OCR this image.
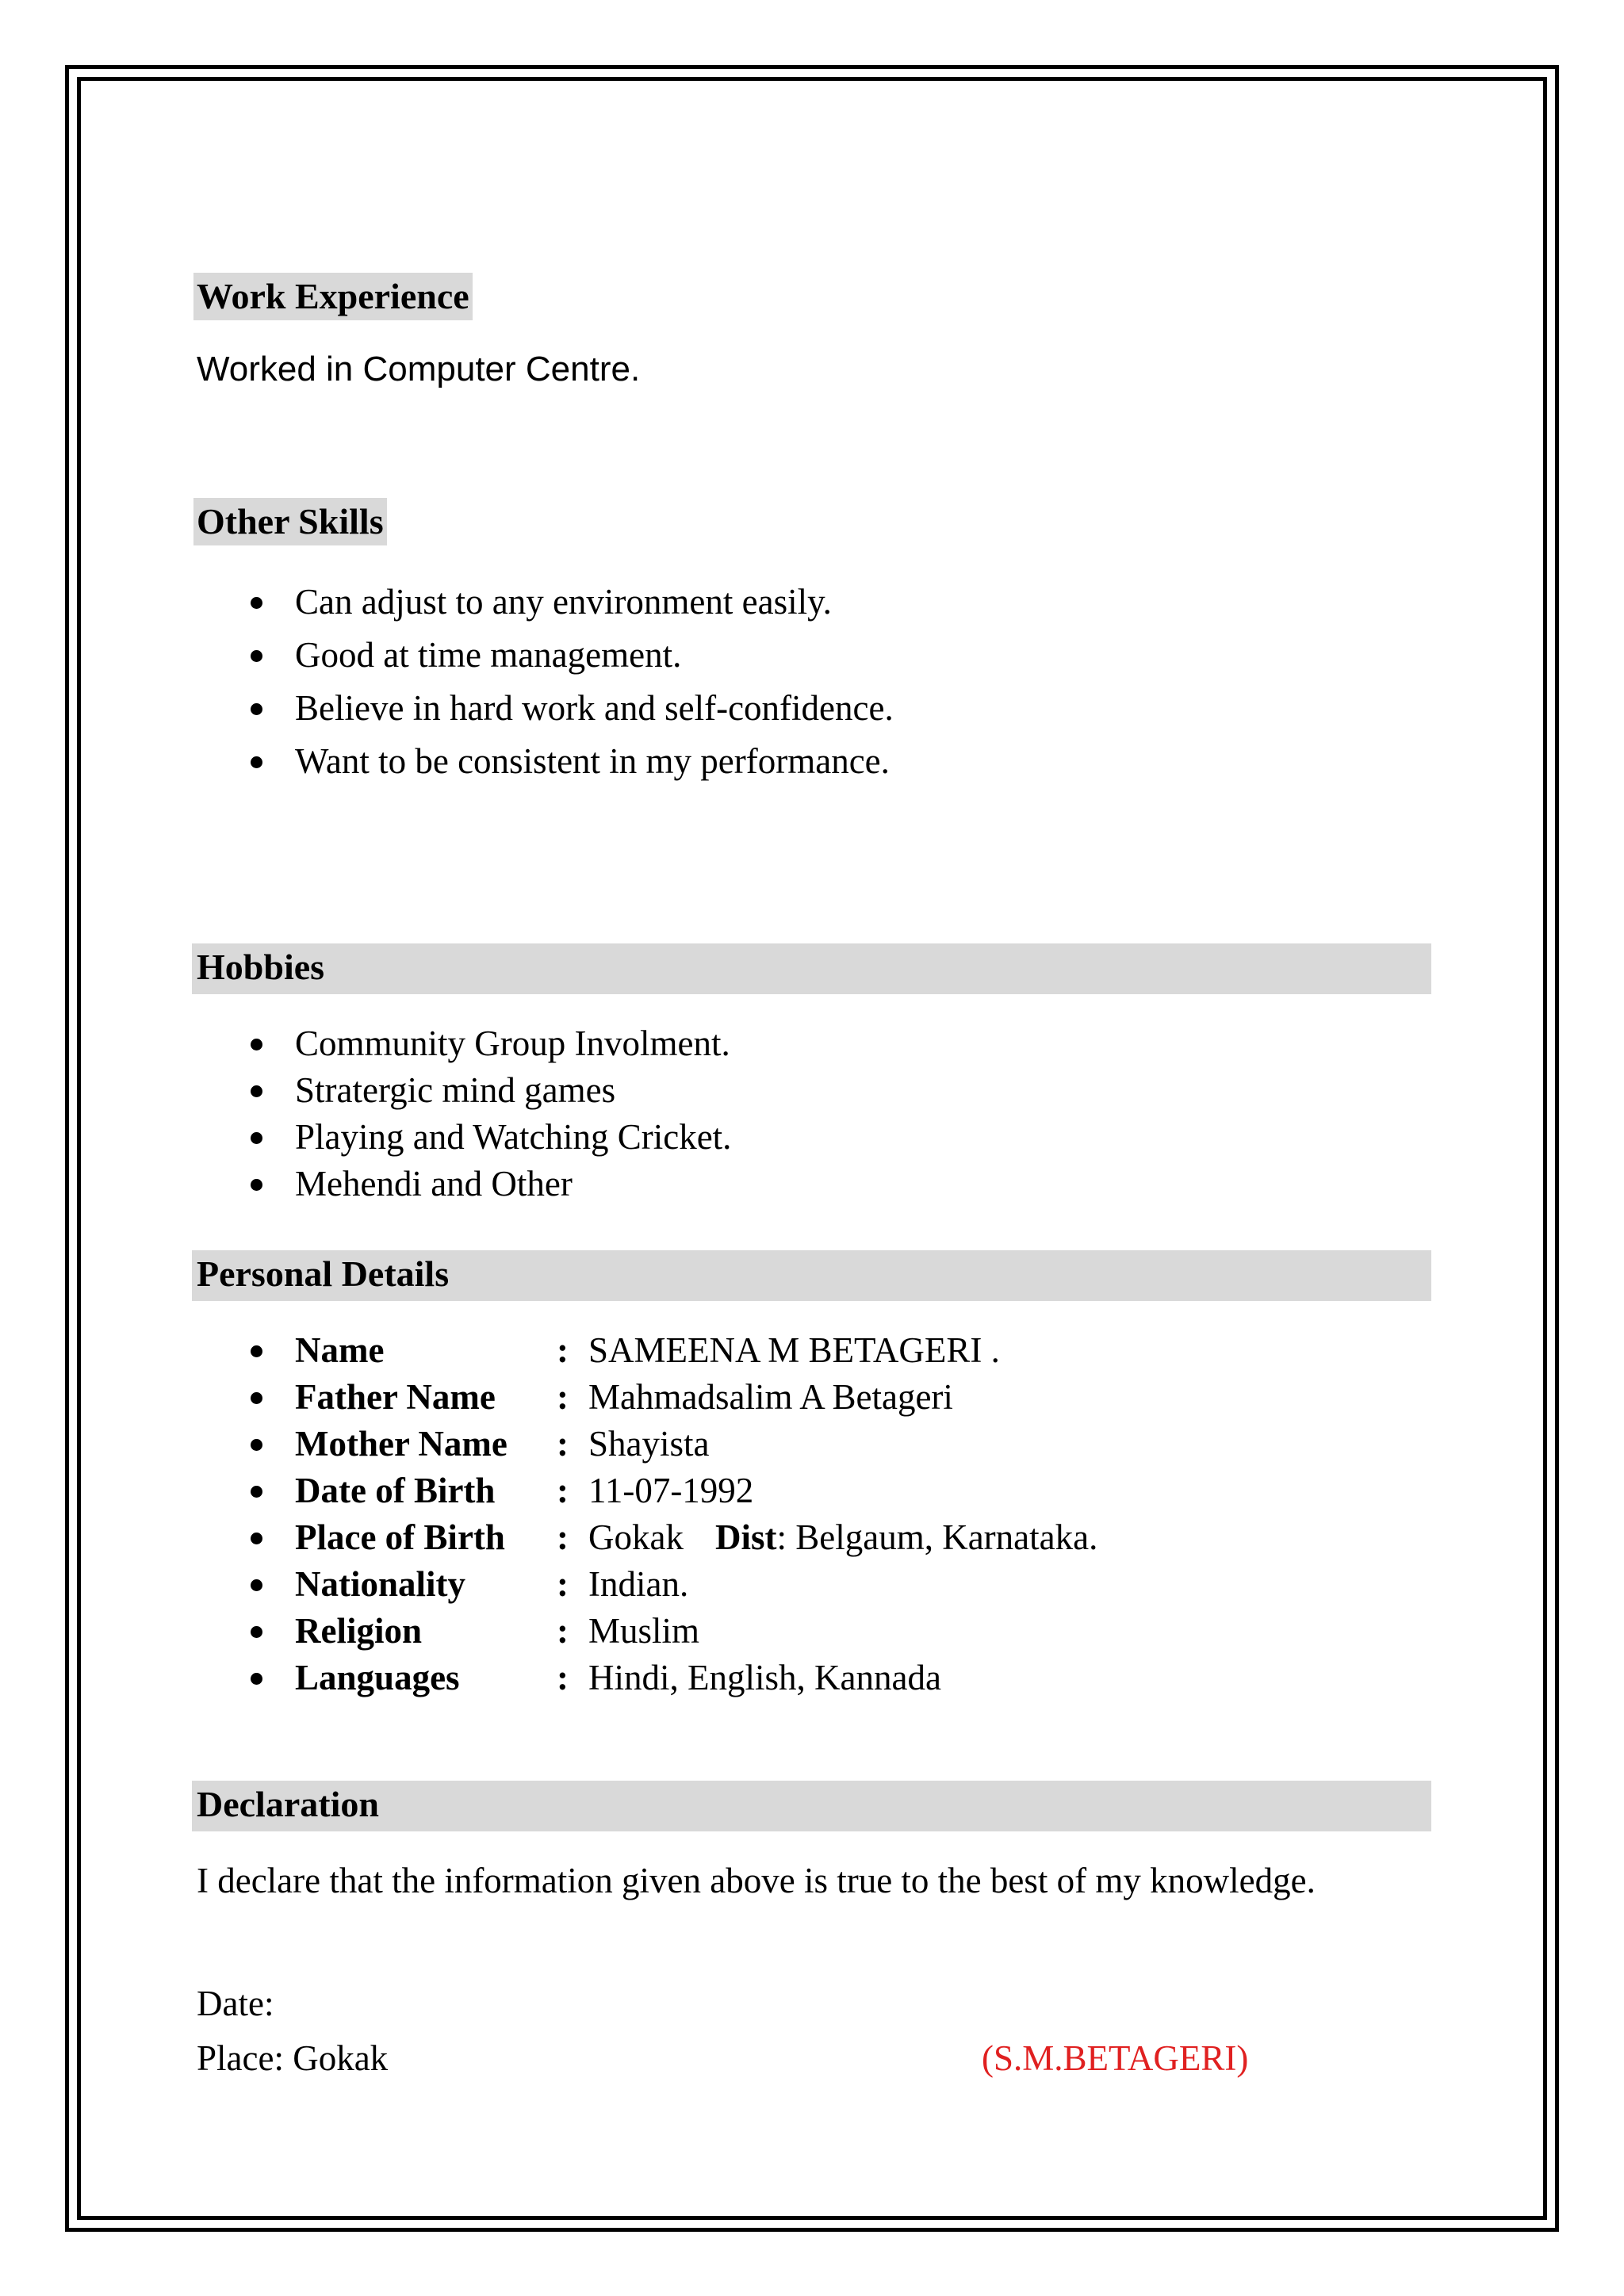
Work Experience
Worked in Computer Centre.
Other Skills
Can adjust to any environment easily.
Good at time management.
Believe in hard work and self-confidence.
Want to be consistent in my performance.
Hobbies
Community Group Involment.
Stratergic mind games
Playing and Watching Cricket.
Mehendi and Other
Personal Details
Name	: SAMEENA M BETAGERI .
Father Name : Mahmadsalim A Betageri
Mother Name : Shayista
Date of Birth : 11-07-1992
Place of Birth : Gokak Dist: Belgaum, Karnataka.
Nationality	: Indian.
Religion	: Muslim
Languages	: Hindi, English, Kannada
Declaration
I declare that the information given above is true to the best of my knowledge.
Date:
Place: Gokak	(S.M.BETAGERI)
